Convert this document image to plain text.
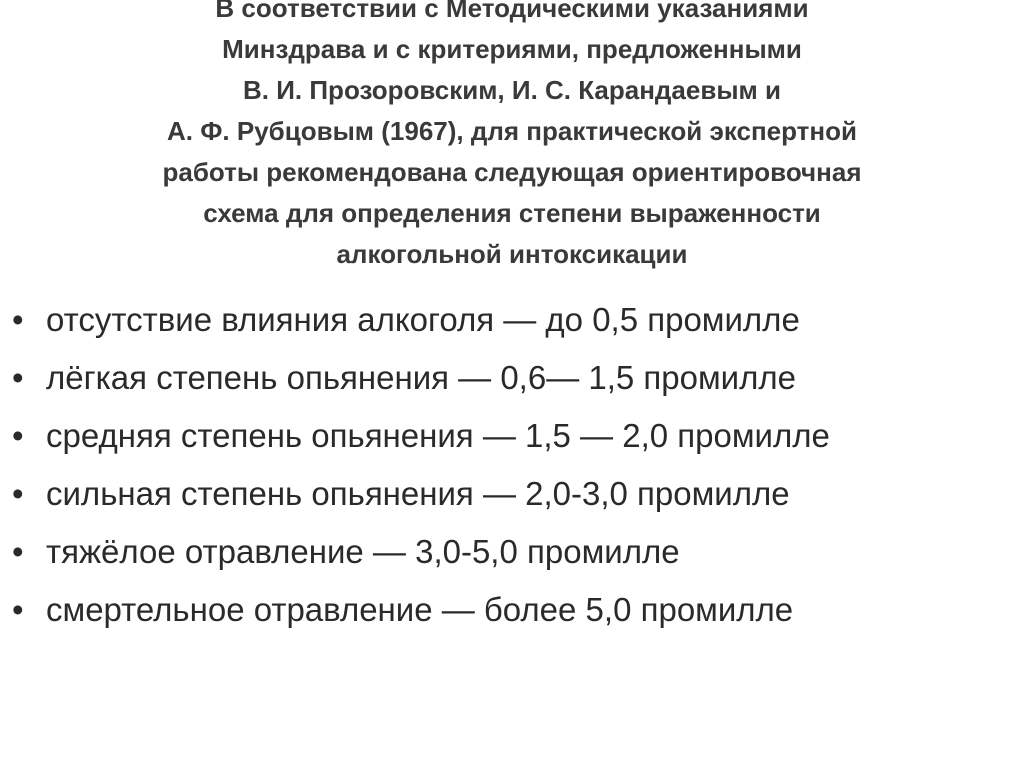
В соответствии с Методическими указаниями
Минздрава и с критериями, предложенными
В. И. Прозоровским, И. С. Карандаевым и
А. Ф. Рубцовым (1967), для практической экспертной
работы рекомендована следующая ориентировочная
схема для определения степени выраженности
алкогольной интоксикации
• отсутствие влияния алкоголя — до 0,5 промилле
• лёгкая степень опьянения — 0,6— 1,5 промилле
• средняя степень опьянения — 1,5 — 2,0 промилле
• сильная степень опьянения — 2,0-3,0 промилле
• тяжёлое отравление — 3,0-5,0 промилле
• смертельное отравление — более 5,0 промилле
